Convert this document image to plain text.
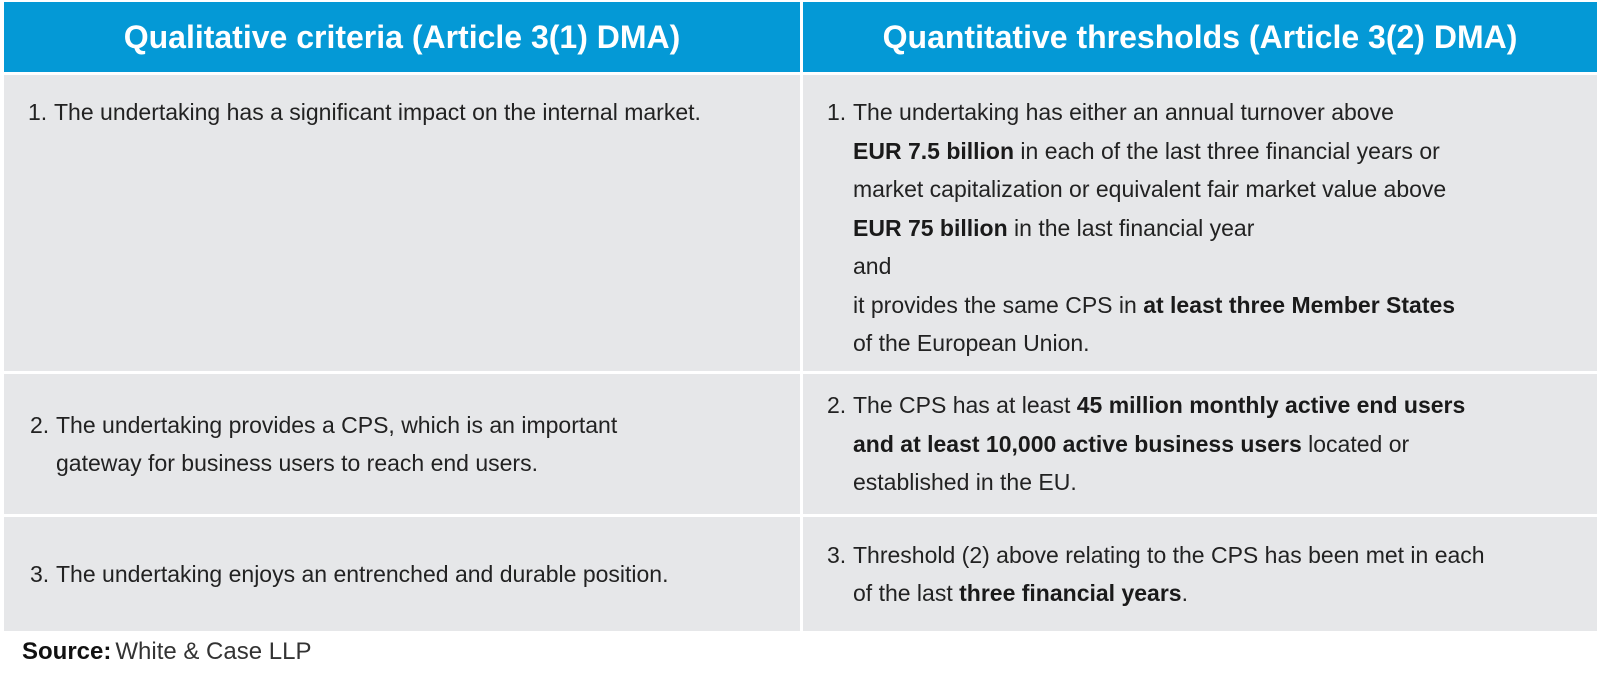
Qualitative criteria (Article 3(1) DMA)	Quantitative thresholds (Article 3(2) DMA)
1. The undertaking has a significant impact on the internal market.	1. The undertaking has either an annual turnover above
EUR 7.5 billion in each of the last three financial years or
market capitalization or equivalent fair market value above
EUR 75 billion in the last financial year
and
it provides the same CPS in at least three Member States
of the European Union.
2. The undertaking provides a CPS, which is an important
gateway for business users to reach end users.
2. The CPS has at least 45 million monthly active end users
and at least 10,000 active business users located or
established in the EU.
3. The undertaking enjoys an entrenched and durable position.
3. Threshold (2) above relating to the CPS has been met in each
of the last three financial years.
Source: White & Case LLP
